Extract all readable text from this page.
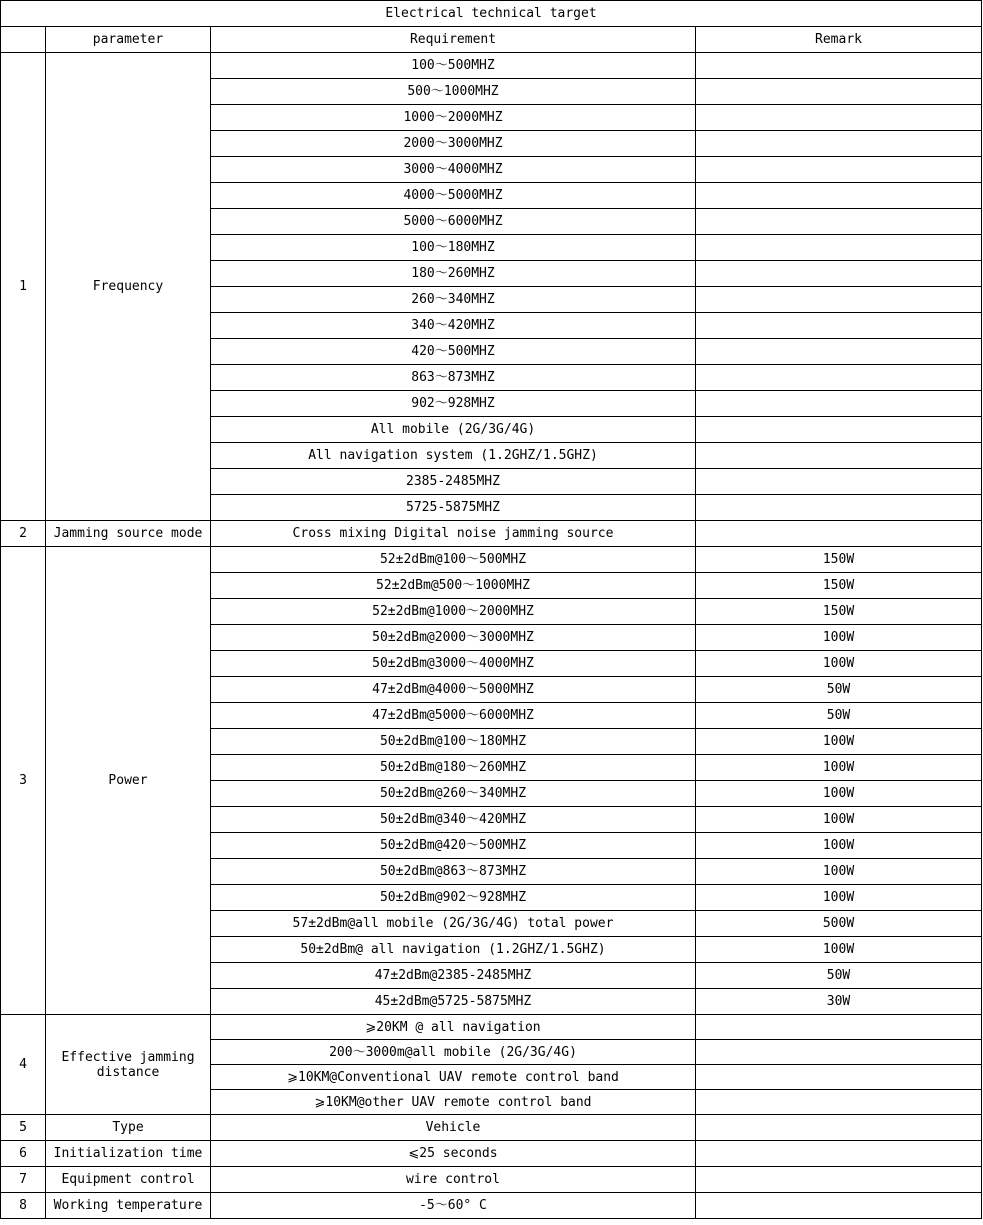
Electrical technical target			
	parameter	Requirement	Remark
1	Frequency	100～500MHZ	
		500～1000MHZ	
		1000～2000MHZ	
		2000～3000MHZ	
		3000～4000MHZ	
		4000～5000MHZ	
		5000～6000MHZ	
		100～180MHZ	
		180～260MHZ	
		260～340MHZ	
		340～420MHZ	
		420～500MHZ	
		863～873MHZ	
		902～928MHZ	
		All mobile (2G/3G/4G)	
		All navigation system (1.2GHZ/1.5GHZ)	
		2385-2485MHZ	
		5725-5875MHZ	
2	Jamming source mode	Cross mixing Digital noise jamming source	
3	Power	52±2dBm@100～500MHZ	150W
		52±2dBm@500～1000MHZ	150W
		52±2dBm@1000～2000MHZ	150W
		50±2dBm@2000～3000MHZ	100W
		50±2dBm@3000～4000MHZ	100W
		47±2dBm@4000～5000MHZ	50W
		47±2dBm@5000～6000MHZ	50W
		50±2dBm@100～180MHZ	100W
		50±2dBm@180～260MHZ	100W
		50±2dBm@260～340MHZ	100W
		50±2dBm@340～420MHZ	100W
		50±2dBm@420～500MHZ	100W
		50±2dBm@863～873MHZ	100W
		50±2dBm@902～928MHZ	100W
		57±2dBm@all mobile (2G/3G/4G) total power	500W
		50±2dBm@ all navigation (1.2GHZ/1.5GHZ)	100W
		47±2dBm@2385-2485MHZ	50W
		45±2dBm@5725-5875MHZ	30W
4	Effective jamming distance	⩾20KM @ all navigation	
		200～3000m@all mobile (2G/3G/4G)	
		⩾10KM@Conventional UAV remote control band	
		⩾10KM@other UAV remote control band	
5	Type	Vehicle	
6	Initialization time	⩽25 seconds	
7	Equipment control	wire control	
8	Working temperature	-5～60° C	
